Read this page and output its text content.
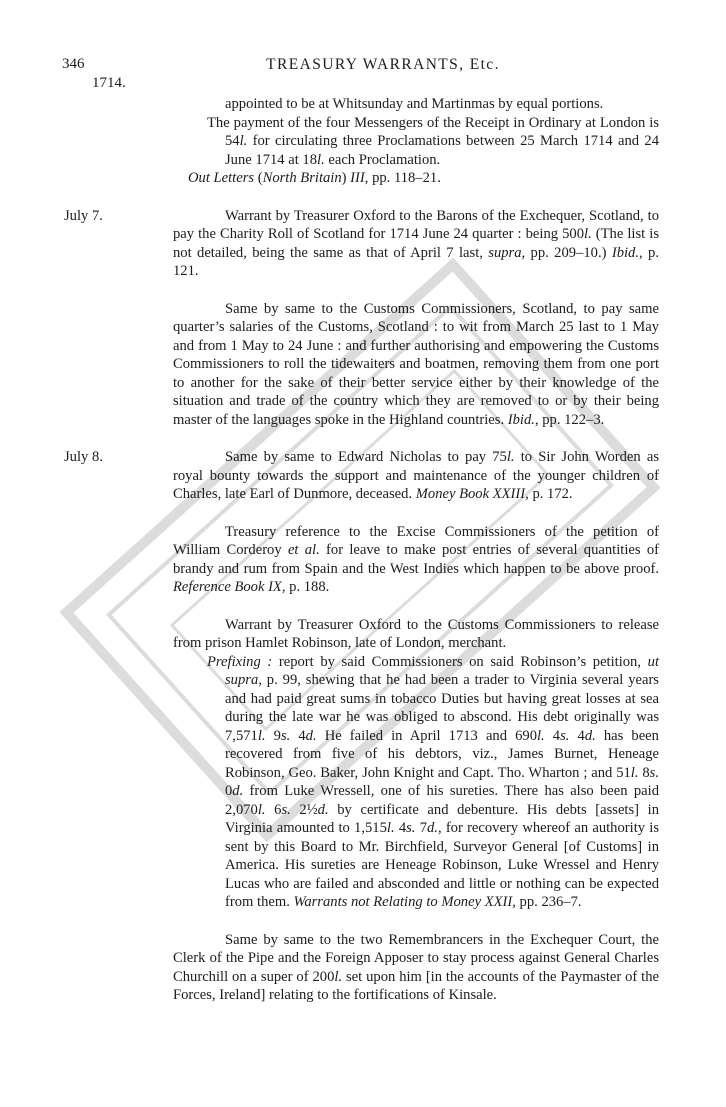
346
1714.
TREASURY WARRANTS, Etc.

appointed to be at Whitsunday and Martinmas by equal portions.

The payment of the four Messengers of the Receipt in Ordinary at London is 54l. for circulating three Proclamations between 25 March 1714 and 24 June 1714 at 18l. each Proclamation.

Out Letters (North Britain) III, pp. 118–21.

July 7.	Warrant by Treasurer Oxford to the Barons of the Exchequer, Scotland, to pay the Charity Roll of Scotland for 1714 June 24 quarter : being 500l. (The list is not detailed, being the same as that of April 7 last, supra, pp. 209–10.) Ibid., p. 121.

Same by same to the Customs Commissioners, Scotland, to pay same quarter’s salaries of the Customs, Scotland : to wit from March 25 last to 1 May and from 1 May to 24 June : and further authorising and empowering the Customs Commissioners to roll the tidewaiters and boatmen, removing them from one port to another for the sake of their better service either by their knowledge of the situation and trade of the country which they are removed to or by their being master of the languages spoke in the Highland countries. Ibid., pp. 122–3.

July 8.	Same by same to Edward Nicholas to pay 75l. to Sir John Worden as royal bounty towards the support and maintenance of the younger children of Charles, late Earl of Dunmore, deceased. Money Book XXIII, p. 172.

Treasury reference to the Excise Commissioners of the petition of William Corderoy et al. for leave to make post entries of several quantities of brandy and rum from Spain and the West Indies which happen to be above proof. Reference Book IX, p. 188.

Warrant by Treasurer Oxford to the Customs Commissioners to release from prison Hamlet Robinson, late of London, merchant.

Prefixing : report by said Commissioners on said Robinson’s petition, ut supra, p. 99, shewing that he had been a trader to Virginia several years and had paid great sums in tobacco Duties but having great losses at sea during the late war he was obliged to abscond. His debt originally was 7,571l. 9s. 4d. He failed in April 1713 and 690l. 4s. 4d. has been recovered from five of his debtors, viz., James Burnet, Heneage Robinson, Geo. Baker, John Knight and Capt. Tho. Wharton ; and 51l. 8s. 0d. from Luke Wressell, one of his sureties. There has also been paid 2,070l. 6s. 2½d. by certificate and debenture. His debts [assets] in Virginia amounted to 1,515l. 4s. 7d., for recovery whereof an authority is sent by this Board to Mr. Birchfield, Surveyor General [of Customs] in America. His sureties are Heneage Robinson, Luke Wressel and Henry Lucas who are failed and absconded and little or nothing can be expected from them. Warrants not Relating to Money XXII, pp. 236–7.

Same by same to the two Remembrancers in the Exchequer Court, the Clerk of the Pipe and the Foreign Apposer to stay process against General Charles Churchill on a super of 200l. set upon him [in the accounts of the Paymaster of the Forces, Ireland] relating to the fortifications of Kinsale.
